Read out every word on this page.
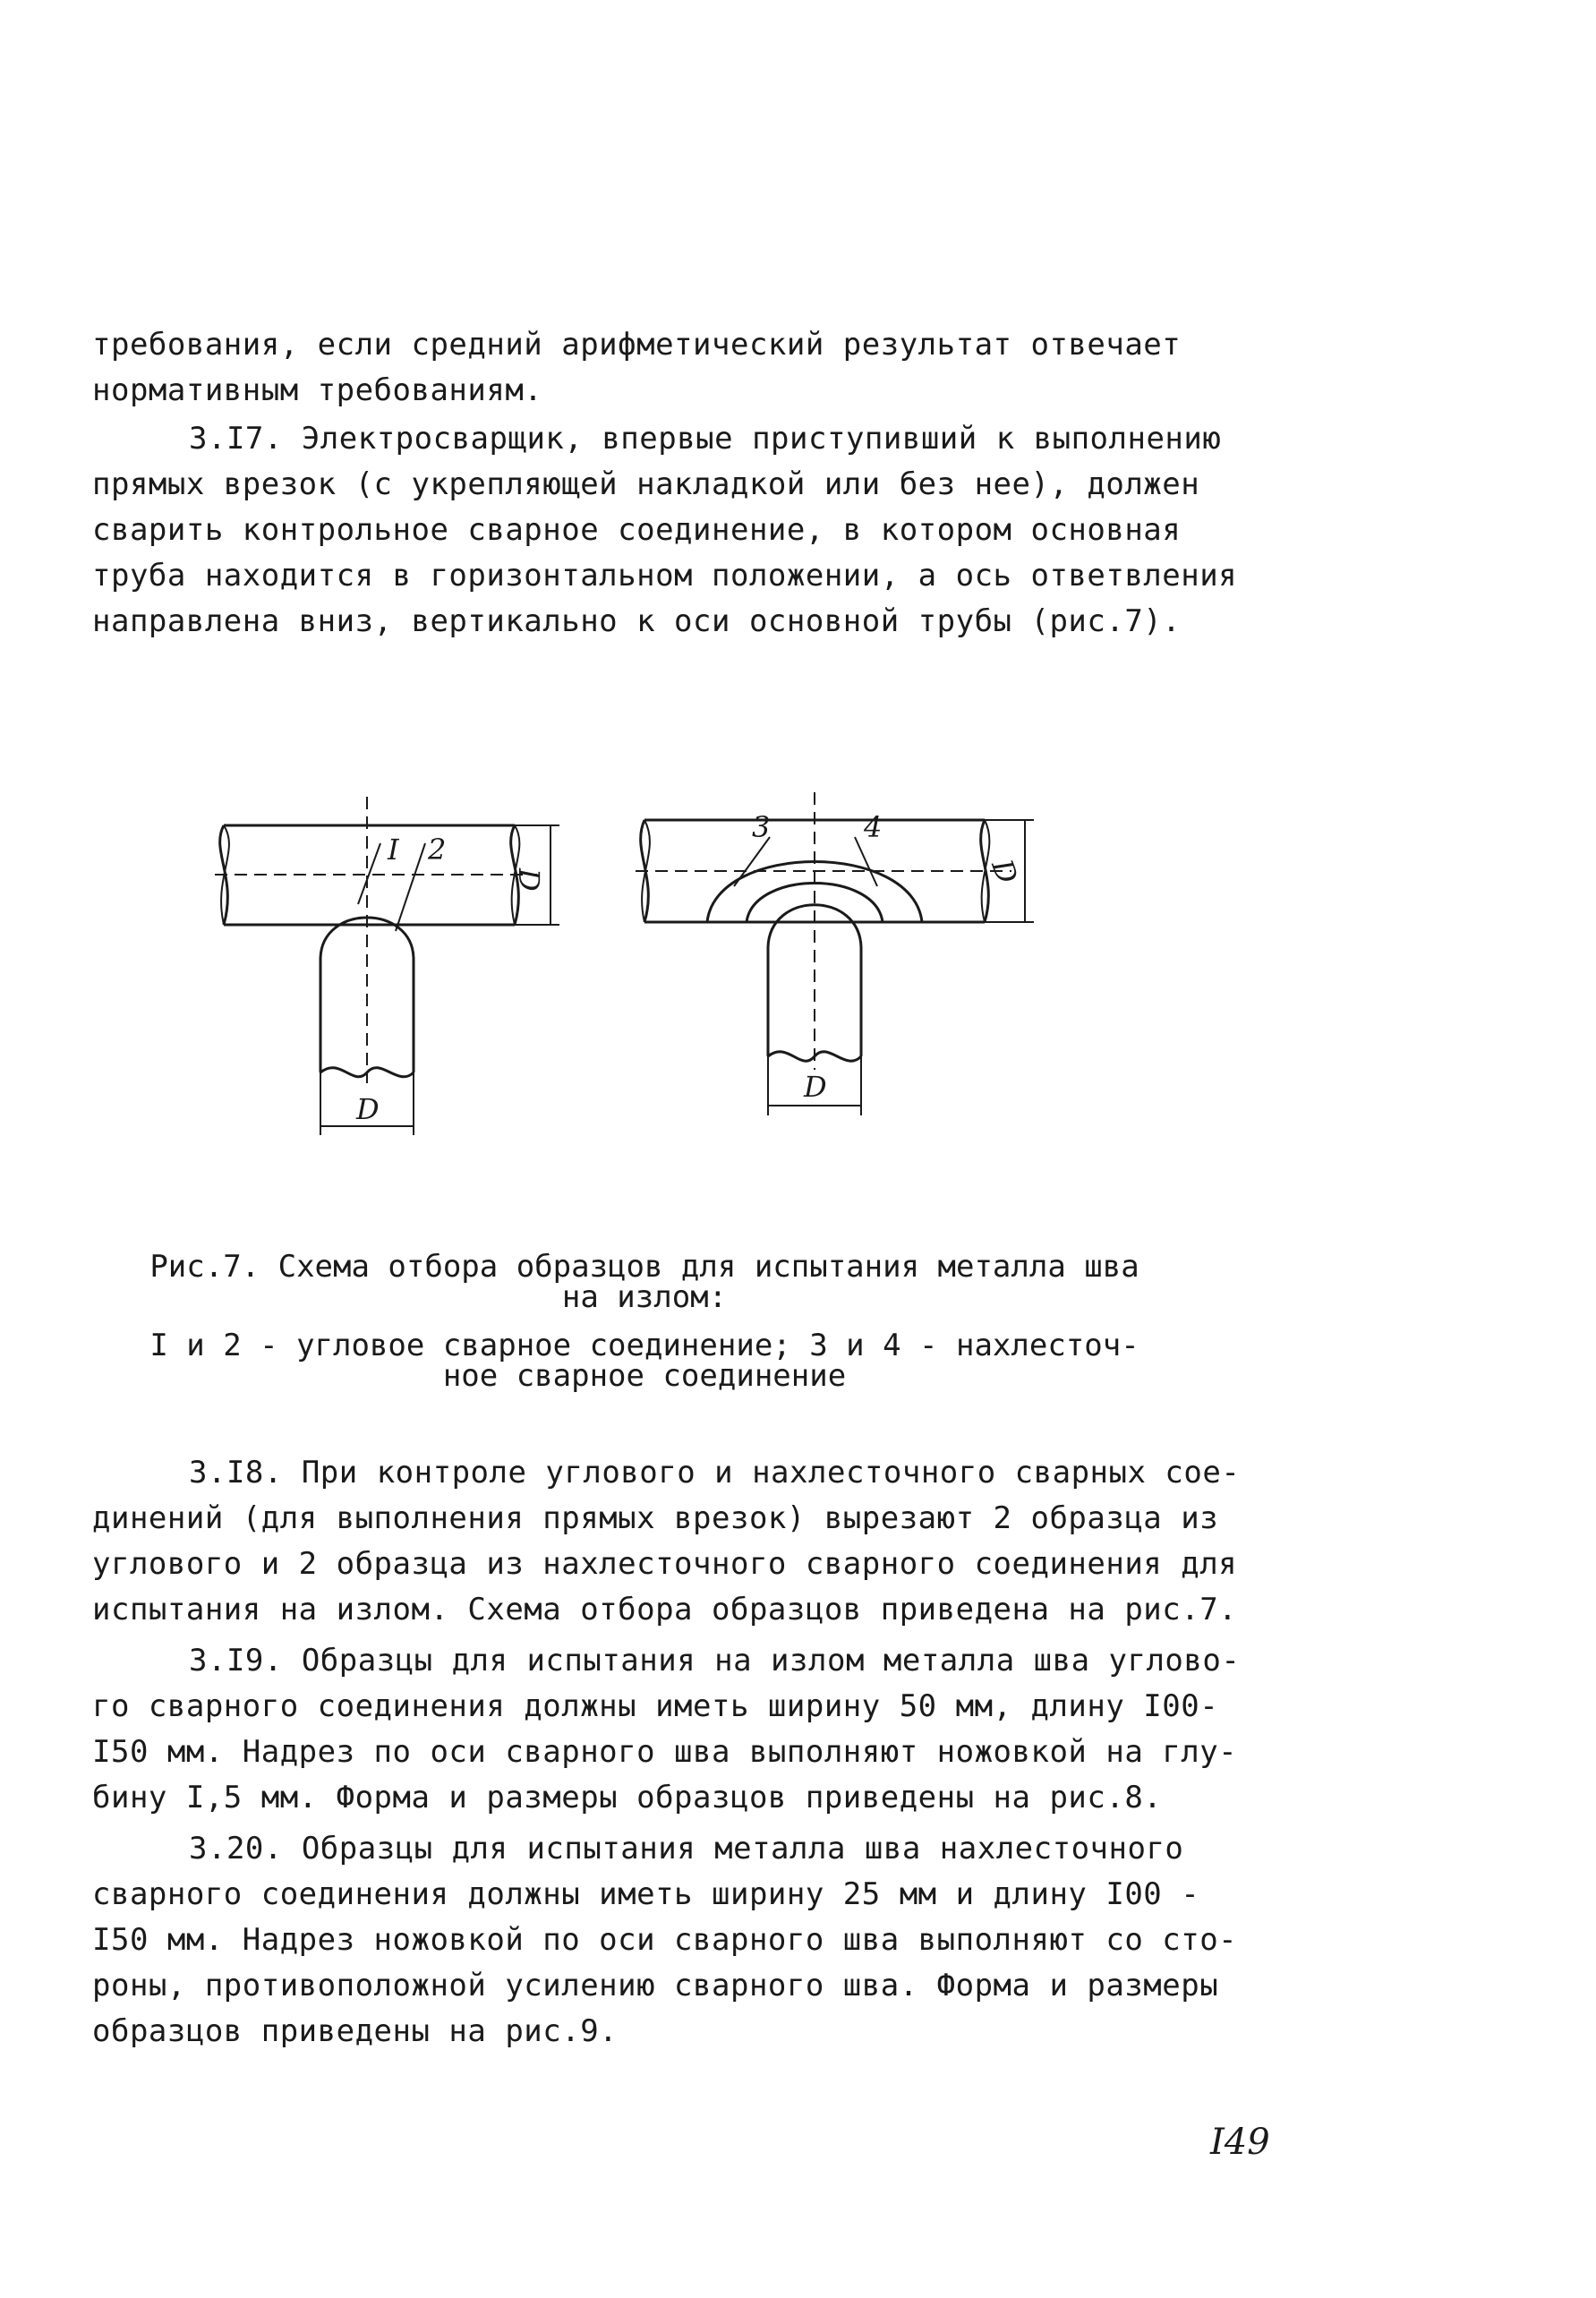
требования, если средний арифметический результат отвечает
нормативным требованиям.
3.I7. Электросварщик, впервые приступивший к выполнению
прямых врезок (с укрепляющей накладкой или без нее), должен
сварить контрольное сварное соединение, в котором основная
труба находится в горизонтальном положении, а ось ответвления
направлена вниз, вертикально к оси основной трубы (рис.7).
I 2
D
D
3	4
D
D
Рис.7. Схема отбора образцов для испытания металла шва
на излом:
I и 2 - угловое сварное соединение; 3 и 4 - нахлесточ-
ное сварное соединение
3.I8. При контроле углового и нахлесточного сварных сое-
динений (для выполнения прямых врезок) вырезают 2 образца из
углового и 2 образца из нахлесточного сварного соединения для
испытания на излом. Схема отбора образцов приведена на рис.7.
3.I9. Образцы для испытания на излом металла шва углово-
го сварного соединения должны иметь ширину 50 мм, длину I00-
I50 мм. Надрез по оси сварного шва выполняют ножовкой на глу-
бину I,5 мм. Форма и размеры образцов приведены на рис.8.
3.20. Образцы для испытания металла шва нахлесточного
сварного соединения должны иметь ширину 25 мм и длину I00 -
I50 мм. Надрез ножовкой по оси сварного шва выполняют со сто-
роны, противоположной усилению сварного шва. Форма и размеры
образцов приведены на рис.9.
I49
